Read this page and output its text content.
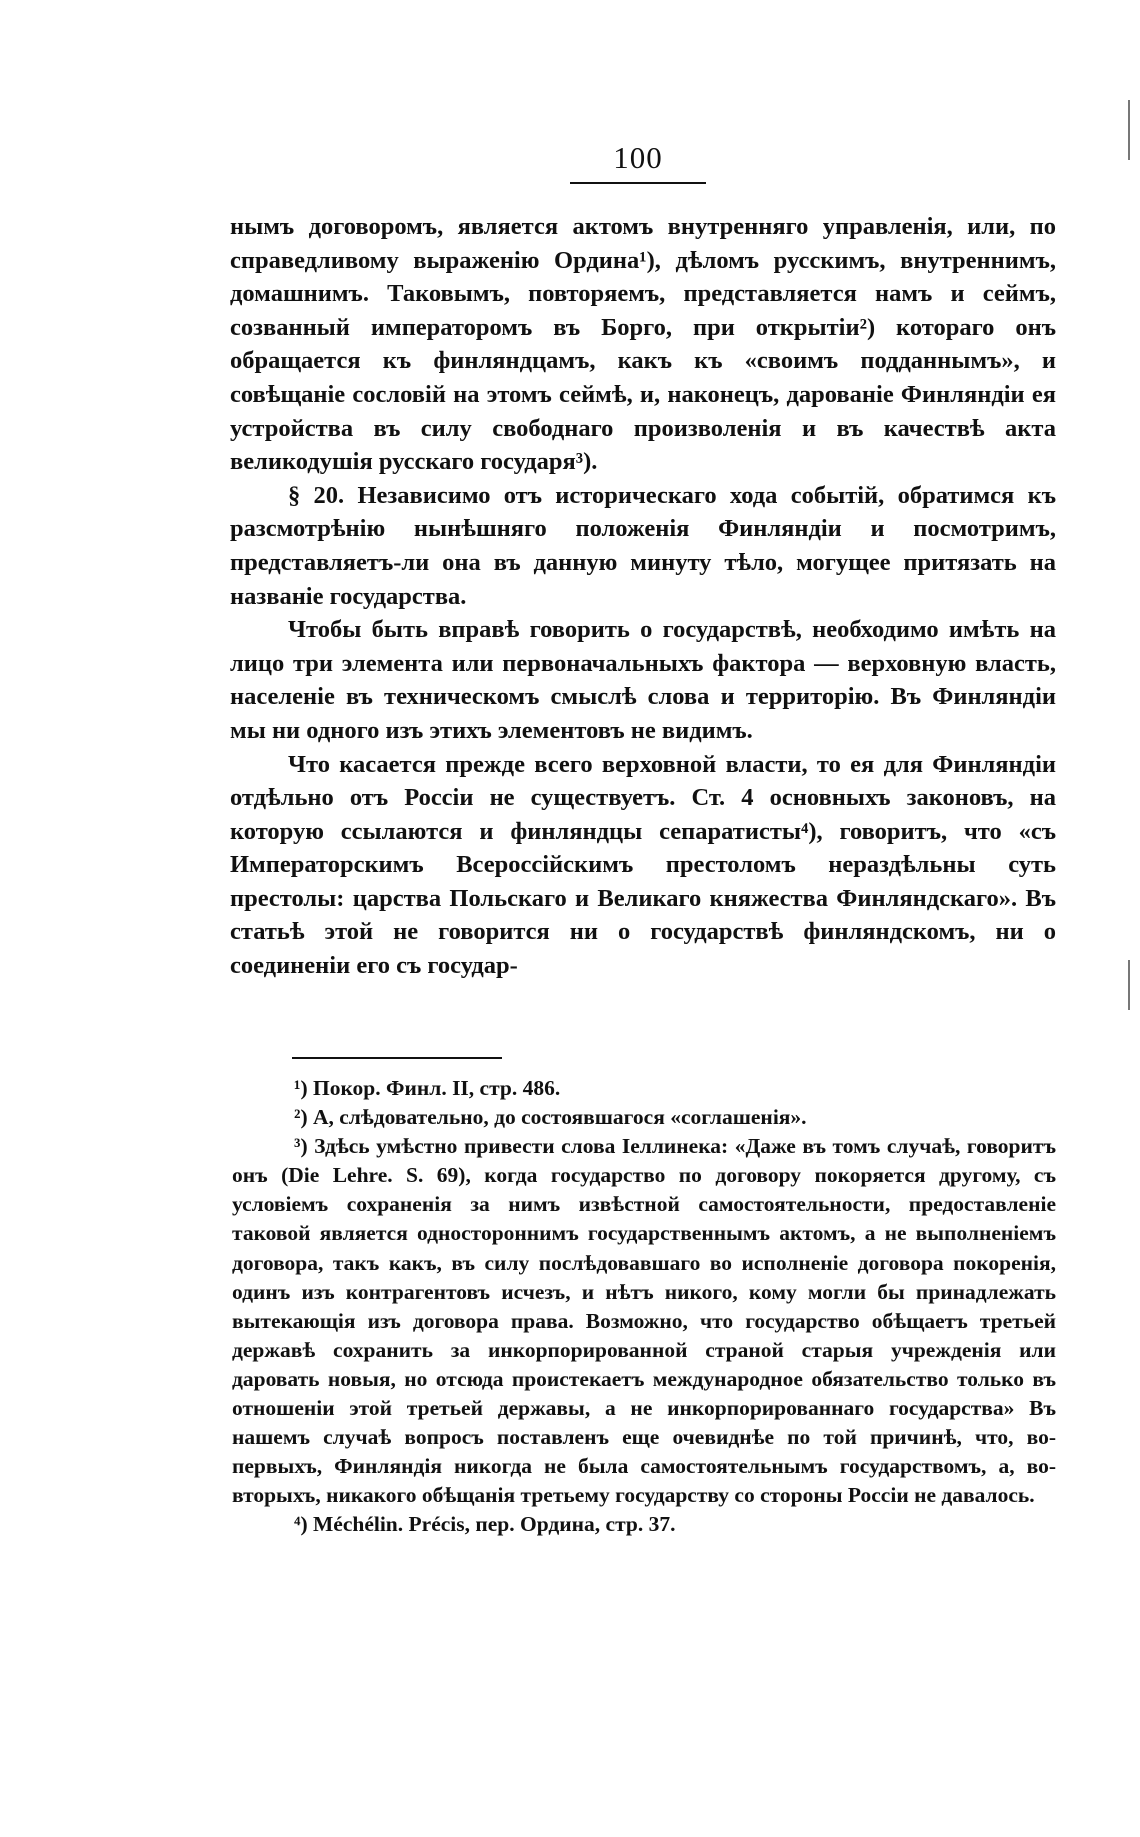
100

нымъ договоромъ, является актомъ внутренняго управленія, или, по справедливому выраженію Ордина¹), дѣломъ русскимъ, внутреннимъ, домашнимъ. Таковымъ, повторяемъ, представляется намъ и сеймъ, созванный императоромъ въ Борго, при открытіи²) котораго онъ обращается къ финляндцамъ, какъ къ «своимъ подданнымъ», и совѣщаніе сословій на этомъ сеймѣ, и, наконецъ, дарованіе Финляндіи ея устройства въ силу свободнаго произволенія и въ качествѣ акта великодушія русскаго государя³).

§ 20. Независимо отъ историческаго хода событій, обратимся къ разсмотрѣнію нынѣшняго положенія Финляндіи и посмотримъ, представляетъ-ли она въ данную минуту тѣло, могущее притязать на названіе государства.

Чтобы быть вправѣ говорить о государствѣ, необходимо имѣть на лицо три элемента или первоначальныхъ фактора — верховную власть, населеніе въ техническомъ смыслѣ слова и территорію. Въ Финляндіи мы ни одного изъ этихъ элементовъ не видимъ.

Что касается прежде всего верховной власти, то ея для Финляндіи отдѣльно отъ Россіи не существуетъ. Ст. 4 основныхъ законовъ, на которую ссылаются и финляндцы сепаратисты⁴), говоритъ, что «съ Императорскимъ Всероссійскимъ престоломъ нераздѣльны суть престолы: царства Польскаго и Великаго княжества Финляндскаго». Въ статьѣ этой не говорится ни о государствѣ финляндскомъ, ни о соединеніи его съ государ-

¹) Покор. Финл. II, стр. 486.

²) А, слѣдовательно, до состоявшагося «соглашенія».

³) Здѣсь умѣстно привести слова Іеллинека: «Даже въ томъ случаѣ, говоритъ онъ (Die Lehre. S. 69), когда государство по договору покоряется другому, съ условіемъ сохраненія за нимъ извѣстной самостоятельности, предоставленіе таковой является одностороннимъ государственнымъ актомъ, а не выполненіемъ договора, такъ какъ, въ силу послѣдовавшаго во исполненіе договора покоренія, одинъ изъ контрагентовъ исчезъ, и нѣтъ никого, кому могли бы принадлежать вытекающія изъ договора права. Возможно, что государство обѣщаетъ третьей державѣ сохранить за инкорпорированной страной старыя учрежденія или даровать новыя, но отсюда проистекаетъ международное обязательство только въ отношеніи этой третьей державы, а не инкорпорированнаго государства» Въ нашемъ случаѣ вопросъ поставленъ еще очевиднѣе по той причинѣ, что, во-первыхъ, Финляндія никогда не была самостоятельнымъ государствомъ, а, во-вторыхъ, никакого обѣщанія третьему государству со стороны Россіи не давалось.

⁴) Méchélin. Précis, пер. Ордина, стр. 37.
